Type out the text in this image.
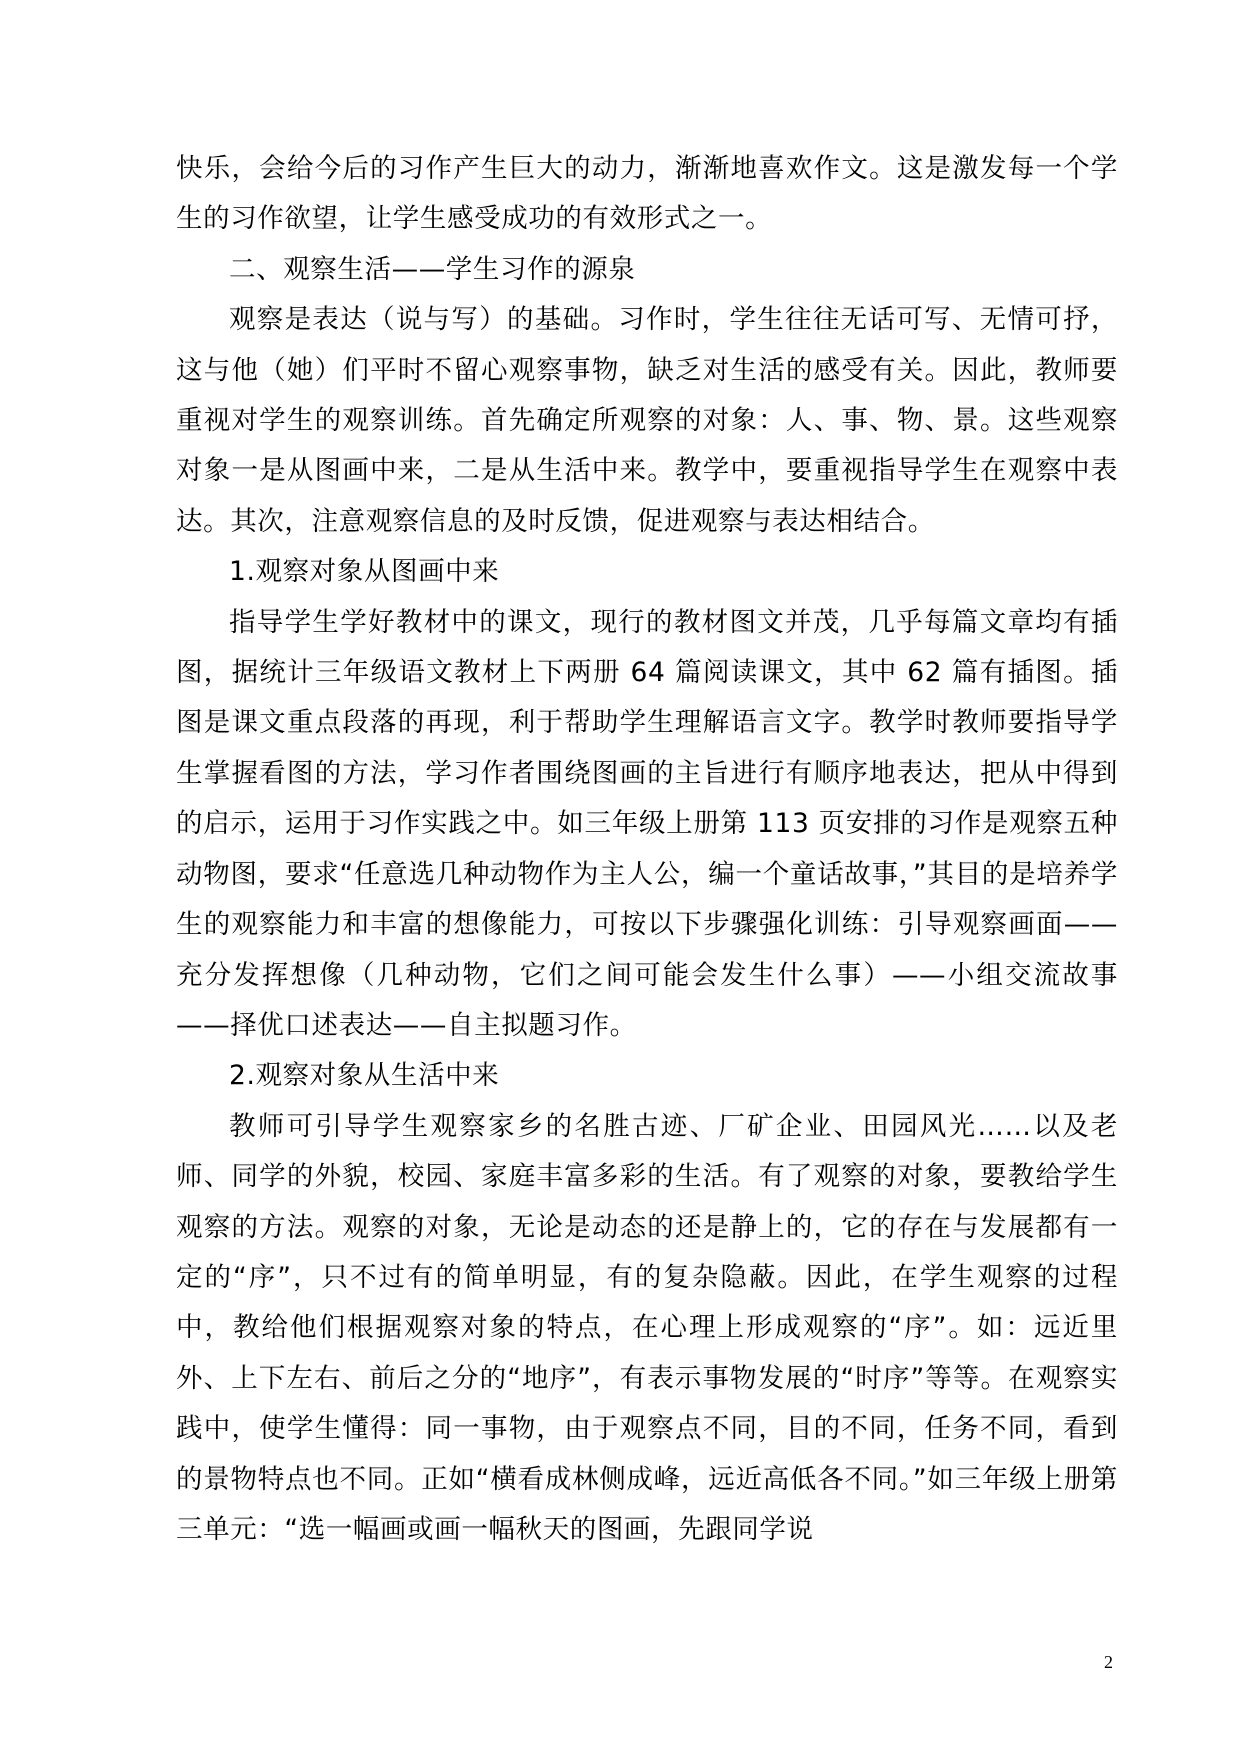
快乐，会给今后的习作产生巨大的动力，渐渐地喜欢作文。这是激发每一个学生的习作欲望，让学生感受成功的有效形式之一。

二、观察生活——学生习作的源泉

观察是表达（说与写）的基础。习作时，学生往往无话可写、无情可抒，这与他（她）们平时不留心观察事物，缺乏对生活的感受有关。因此，教师要重视对学生的观察训练。首先确定所观察的对象：人、事、物、景。这些观察对象一是从图画中来，二是从生活中来。教学中，要重视指导学生在观察中表达。其次，注意观察信息的及时反馈，促进观察与表达相结合。

1.观察对象从图画中来

指导学生学好教材中的课文，现行的教材图文并茂，几乎每篇文章均有插图，据统计三年级语文教材上下两册 64 篇阅读课文，其中 62 篇有插图。插图是课文重点段落的再现，利于帮助学生理解语言文字。教学时教师要指导学生掌握看图的方法，学习作者围绕图画的主旨进行有顺序地表达，把从中得到的启示，运用于习作实践之中。如三年级上册第 113 页安排的习作是观察五种动物图，要求“任意选几种动物作为主人公，编一个童话故事，”其目的是培养学生的观察能力和丰富的想像能力，可按以下步骤强化训练：引导观察画面——充分发挥想像（几种动物，它们之间可能会发生什么事）——小组交流故事——择优口述表达——自主拟题习作。

2.观察对象从生活中来

教师可引导学生观察家乡的名胜古迹、厂矿企业、田园风光……以及老师、同学的外貌，校园、家庭丰富多彩的生活。有了观察的对象，要教给学生观察的方法。观察的对象，无论是动态的还是静上的，它的存在与发展都有一定的“序”，只不过有的简单明显，有的复杂隐蔽。因此，在学生观察的过程中，教给他们根据观察对象的特点，在心理上形成观察的“序”。如：远近里外、上下左右、前后之分的“地序”，有表示事物发展的“时序”等等。在观察实践中，使学生懂得：同一事物，由于观察点不同，目的不同，任务不同，看到的景物特点也不同。正如“横看成林侧成峰，远近高低各不同。”如三年级上册第三单元：“选一幅画或画一幅秋天的图画，先跟同学说

2
